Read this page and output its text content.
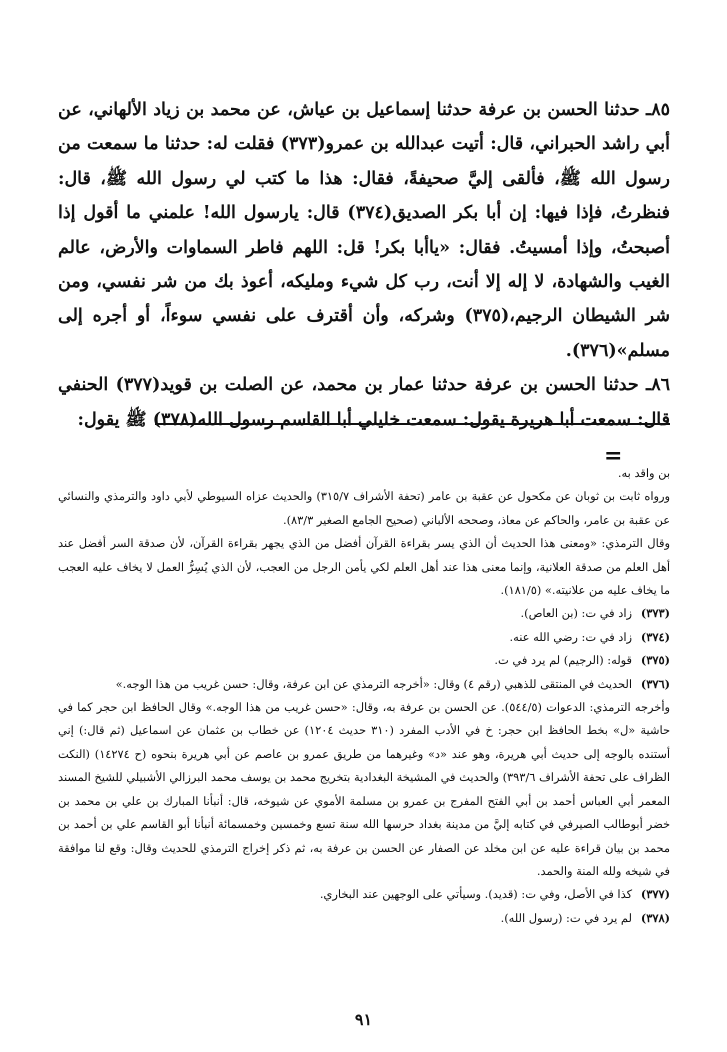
٨٥ـ حدثنا الحسن بن عرفة حدثنا إسماعيل بن عياش، عن محمد بن زياد الألهاني، عن أبي راشد الحبراني، قال: أتيت عبدالله بن عمرو(٣٧٣) فقلت له: حدثنا ما سمعت من رسول الله ﷺ، فألقى إليَّ صحيفةً، فقال: هذا ما كتب لي رسول الله ﷺ، قال: فنظرتُ، فإذا فيها: إن أبا بكر الصديق(٣٧٤) قال: يارسول الله! علمني ما أقول إذا أصبحتُ، وإذا أمسيتُ. فقال: «ياأبا بكر! قل: اللهم فاطر السماوات والأرض، عالم الغيب والشهادة، لا إله إلا أنت، رب كل شيء ومليكه، أعوذ بك من شر نفسي، ومن شر الشيطان الرجيم،(٣٧٥) وشركه، وأن أقترف على نفسي سوءاً، أو أجره إلى مسلم»(٣٧٦).

٨٦ـ حدثنا الحسن بن عرفة حدثنا عمار بن محمد، عن الصلت بن قويد(٣٧٧) الحنفي قال: سمعت أبا هريرة يقول: سمعت خليلي أبا القاسم رسول الله(٣٧٨) ﷺ يقول:

=

بن واقد به.

ورواه ثابت بن ثوبان عن مكحول عن عقبة بن عامر (تحفة الأشراف ٣١٥/٧) والحديث عزاه السيوطي لأبي داود والترمذي والنسائي عن عقبة بن عامر، والحاكم عن معاذ، وصححه الألباني (صحيح الجامع الصغير ٨٣/٣).

وقال الترمذي: «ومعنى هذا الحديث أن الذي يسر بقراءة القرآن أفضل من الذي يجهر بقراءة القرآن، لأن صدقة السر أفضل عند أهل العلم من صدقة العلانية، وإنما معنى هذا عند أهل العلم لكي يأمن الرجل من العجب، لأن الذي يُسِرُّ العمل لا يخاف عليه العجب ما يخاف عليه من علانيته.» (١٨١/٥).

(٣٧٣)
زاد في ت: (بن العاص).
(٣٧٤)
زاد في ت: رضي الله عنه.
(٣٧٥)
قوله: (الرجيم) لم يرد في ت.
(٣٧٦)
الحديث في المنتقى للذهبي (رقم ٤) وقال: «أخرجه الترمذي عن ابن عرفة، وقال: حسن غريب من هذا الوجه.»

وأخرجه الترمذي: الدعوات (٥٤٤/٥). عن الحسن بن عرفة به، وقال: «حسن غريب من هذا الوجه.» وقال الحافظ ابن حجر كما في حاشية «ل» بخط الحافظ ابن حجر: خ في الأدب المفرد (٣١٠ حديث ١٢٠٤) عن خطاب بن عثمان عن اسماعيل (ثم قال:) إني أستنده بالوجه إلى حديث أبي هريرة، وهو عند «د» وغيرهما من طريق عمرو بن عاصم عن أبي هريرة بنحوه (ح ١٤٢٧٤) (النكت الظراف على تحفة الأشراف ٣٩٣/٦) والحديث في المشيخة البغدادية بتخريج محمد بن يوسف محمد البرزالي الأشبيلي للشيخ المسند المعمر أبي العباس أحمد بن أبي الفتح المفرج بن عمرو بن مسلمة الأموي عن شيوخه، قال: أنبأنا المبارك بن علي بن محمد بن خضر أبوطالب الصيرفي في كتابه إليَّ من مدينة بغداد حرسها الله سنة تسع وخمسين وخمسمائة أنبأنا أبو القاسم علي بن أحمد بن محمد بن بيان قراءة عليه عن ابن مخلد عن الصفار عن الحسن بن عرفة به، ثم ذكر إخراج الترمذي للحديث وقال: وقع لنا موافقة في شيخه ولله المنة والحمد.

(٣٧٧)
كذا في الأصل، وفي ت: (قديد). وسيأتي على الوجهين عند البخاري.
(٣٧٨)
لم يرد في ت: (رسول الله).
٩١
